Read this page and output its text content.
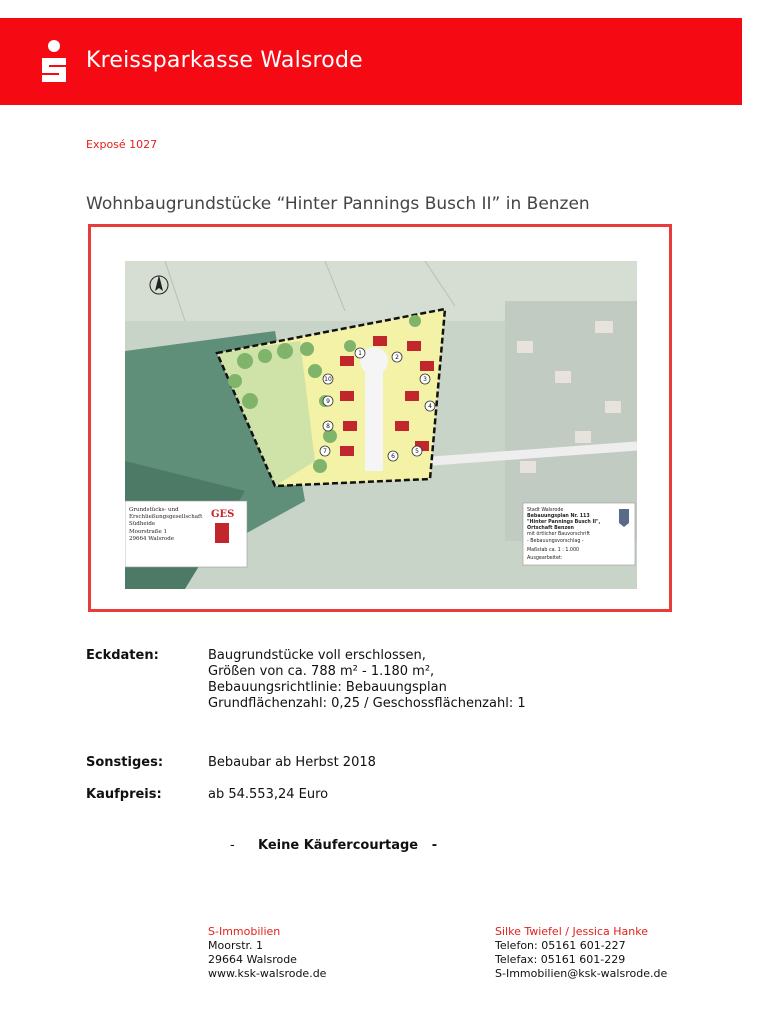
Kreissparkasse Walsrode
Exposé 1027
Wohnbaugrundstücke “Hinter Pannings Busch II” in Benzen
1
2
3
4
5
6
7
8
9
10
Grundstücks- und
Erschließungsgesellschaft
Südheide
Moorstraße 1
29664 Walsrode
GES	Stadt Walsrode
Bebauungsplan Nr. 113
"Hinter Pannings Busch II",
Ortschaft Benzen
mit örtlicher Bauvorschrift
- Bebauungsvorschlag -
Maßstab ca. 1 : 1.000
Ausgearbeitet:
Eckdaten:	Baugrundstücke voll erschlossen,
Größen von ca. 788 m² - 1.180 m²,
Bebauungsrichtlinie: Bebauungsplan
Grundflächenzahl: 0,25 / Geschossflächenzahl: 1
Sonstiges:	Bebaubar ab Herbst 2018
Kaufpreis:	ab 54.553,24 Euro
- Keine Käufercourtage -
S-Immobilien
Moorstr. 1
29664 Walsrode
www.ksk-walsrode.de
Silke Twiefel / Jessica Hanke
Telefon: 05161 601-227
Telefax: 05161 601-229
S-Immobilien@ksk-walsrode.de
